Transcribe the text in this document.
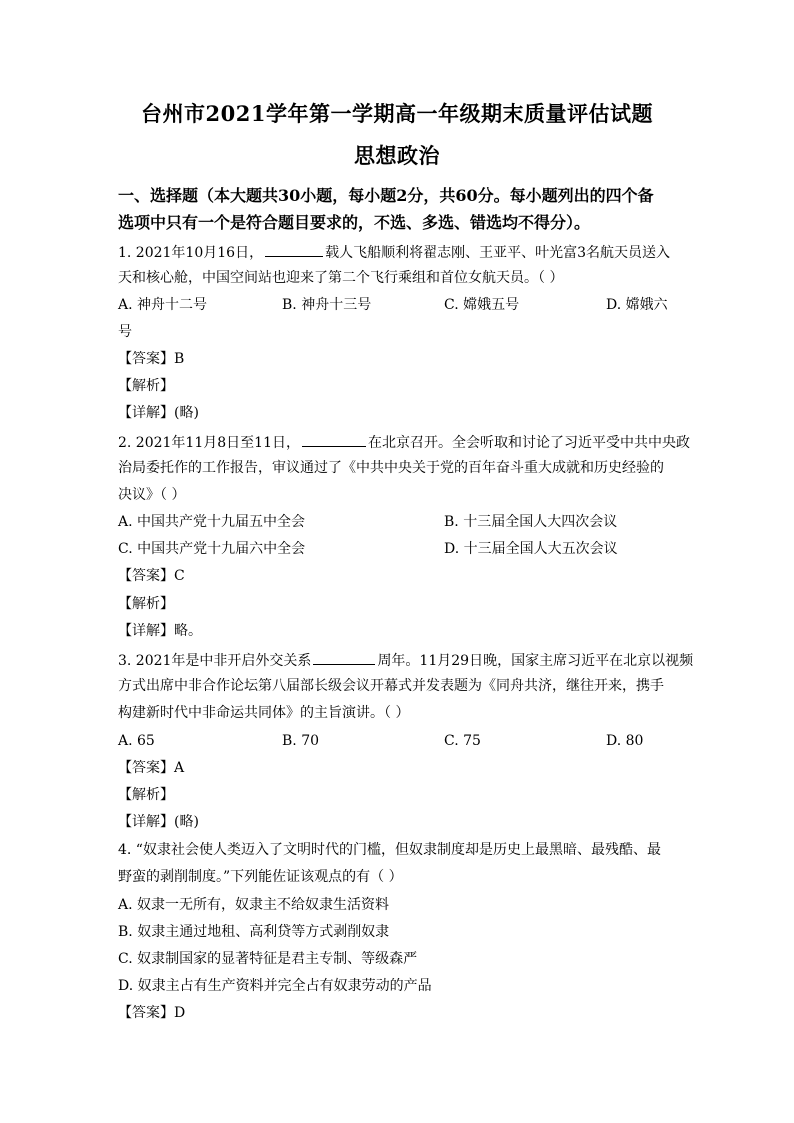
台州市2021学年第一学期高一年级期末质量评估试题
思想政治
一、选择题（本大题共30小题，每小题2分，共60分。每小题列出的四个备
选项中只有一个是符合题目要求的，不选、多选、错选均不得分）。
1. 2021年10月16日，	载人飞船顺利将翟志刚、王亚平、叶光富3名航天员送入
天和核心舱，中国空间站也迎来了第二个飞行乘组和首位女航天员。（ ）
A. 神舟十二号	B. 神舟十三号	C. 嫦娥五号	D. 嫦娥六
号
【答案】B
【解析】
【详解】(略)
2. 2021年11月8日至11日，	在北京召开。全会听取和讨论了习近平受中共中央政
治局委托作的工作报告，审议通过了《中共中央关于党的百年奋斗重大成就和历史经验的
决议》（ ）
A. 中国共产党十九届五中全会	B. 十三届全国人大四次会议
C. 中国共产党十九届六中全会	D. 十三届全国人大五次会议
【答案】C
【解析】
【详解】略。
3. 2021年是中非开启外交关系	周年。11月29日晚，国家主席习近平在北京以视频
方式出席中非合作论坛第八届部长级会议开幕式并发表题为《同舟共济，继往开来，携手
构建新时代中非命运共同体》的主旨演讲。（ ）
A. 65	B. 70	C. 75	D. 80
【答案】A
【解析】
【详解】(略)
4. “奴隶社会使人类迈入了文明时代的门槛，但奴隶制度却是历史上最黑暗、最残酷、最
野蛮的剥削制度。”下列能佐证该观点的有（ ）
A. 奴隶一无所有，奴隶主不给奴隶生活资料
B. 奴隶主通过地租、高利贷等方式剥削奴隶
C. 奴隶制国家的显著特征是君主专制、等级森严
D. 奴隶主占有生产资料并完全占有奴隶劳动的产品
【答案】D
